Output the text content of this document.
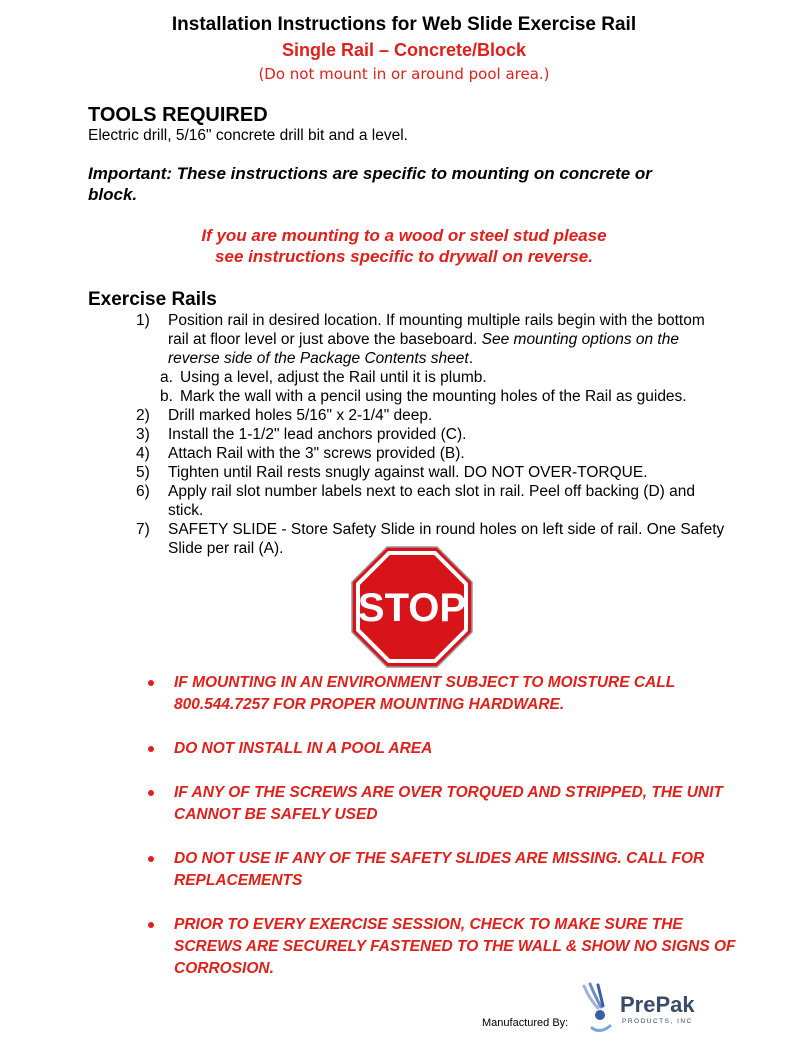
Installation Instructions for Web Slide Exercise Rail
Single Rail – Concrete/Block
(Do not mount in or around pool area.)
TOOLS REQUIRED
Electric drill, 5/16" concrete drill bit and a level.
Important: These instructions are specific to mounting on concrete or block.
If you are mounting to a wood or steel stud please
see instructions specific to drywall on reverse.
Exercise Rails
1) Position rail in desired location. If mounting multiple rails begin with the bottom rail at floor level or just above the baseboard. See mounting options on the reverse side of the Package Contents sheet.
a. Using a level, adjust the Rail until it is plumb.
b. Mark the wall with a pencil using the mounting holes of the Rail as guides.
2) Drill marked holes 5/16" x 2-1/4" deep.
3) Install the 1-1/2" lead anchors provided (C).
4) Attach Rail with the 3" screws provided (B).
5) Tighten until Rail rests snugly against wall. DO NOT OVER-TORQUE.
6) Apply rail slot number labels next to each slot in rail. Peel off backing (D) and stick.
7) SAFETY SLIDE - Store Safety Slide in round holes on left side of rail. One Safety Slide per rail (A).
STOP
IF MOUNTING IN AN ENVIRONMENT SUBJECT TO MOISTURE CALL 800.544.7257 FOR PROPER MOUNTING HARDWARE.
DO NOT INSTALL IN A POOL AREA
IF ANY OF THE SCREWS ARE OVER TORQUED AND STRIPPED, THE UNIT CANNOT BE SAFELY USED
DO NOT USE IF ANY OF THE SAFETY SLIDES ARE MISSING. CALL FOR REPLACEMENTS
PRIOR TO EVERY EXERCISE SESSION, CHECK TO MAKE SURE THE SCREWS ARE SECURELY FASTENED TO THE WALL & SHOW NO SIGNS OF CORROSION.
Manufactured By:
PrePak
PRODUCTS, INC
